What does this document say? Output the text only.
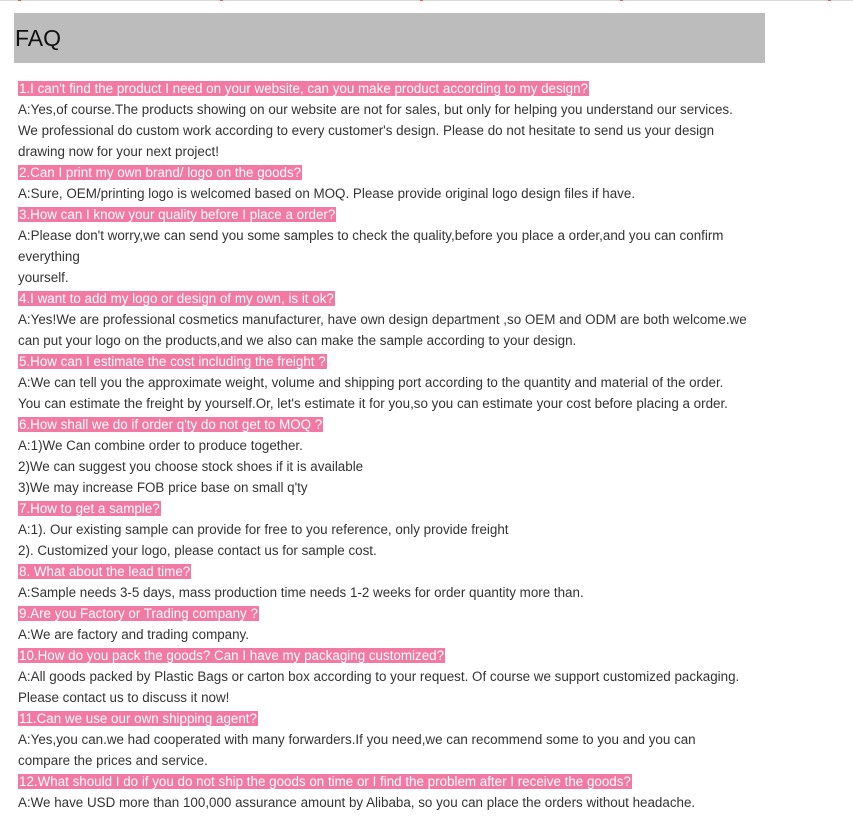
FAQ
1.I can't find the product I need on your website, can you make product according to my design?
A:Yes,of course.The products showing on our website are not for sales, but only for helping you understand our services.
We professional do custom work according to every customer's design. Please do not hesitate to send us your design
drawing now for your next project!
2.Can I print my own brand/ logo on the goods?
A:Sure, OEM/printing logo is welcomed based on MOQ. Please provide original logo design files if have.
3.How can I know your quality before I place a order?
A:Please don't worry,we can send you some samples to check the quality,before you place a order,and you can confirm
everything
yourself.
4.I want to add my logo or design of my own, is it ok?
A:Yes!We are professional cosmetics manufacturer, have own design department ,so OEM and ODM are both welcome.we
can put your logo on the products,and we also can make the sample according to your design.
5.How can I estimate the cost including the freight ?
A:We can tell you the approximate weight, volume and shipping port according to the quantity and material of the order.
You can estimate the freight by yourself.Or, let's estimate it for you,so you can estimate your cost before placing a order.
6.How shall we do if order q'ty do not get to MOQ ?
A:1)We Can combine order to produce together.
2)We can suggest you choose stock shoes if it is available
3)We may increase FOB price base on small q'ty
7.How to get a sample?
A:1). Our existing sample can provide for free to you reference, only provide freight
2). Customized your logo, please contact us for sample cost.
8. What about the lead time?
A:Sample needs 3-5 days, mass production time needs 1-2 weeks for order quantity more than.
9.Are you Factory or Trading company ?
A:We are factory and trading company.
10.How do you pack the goods? Can I have my packaging customized?
A:All goods packed by Plastic Bags or carton box according to your request. Of course we support customized packaging.
Please contact us to discuss it now!
11.Can we use our own shipping agent?
A:Yes,you can.we had cooperated with many forwarders.If you need,we can recommend some to you and you can
compare the prices and service.
12.What should I do if you do not ship the goods on time or I find the problem after I receive the goods?
A:We have USD more than 100,000 assurance amount by Alibaba, so you can place the orders without headache.
